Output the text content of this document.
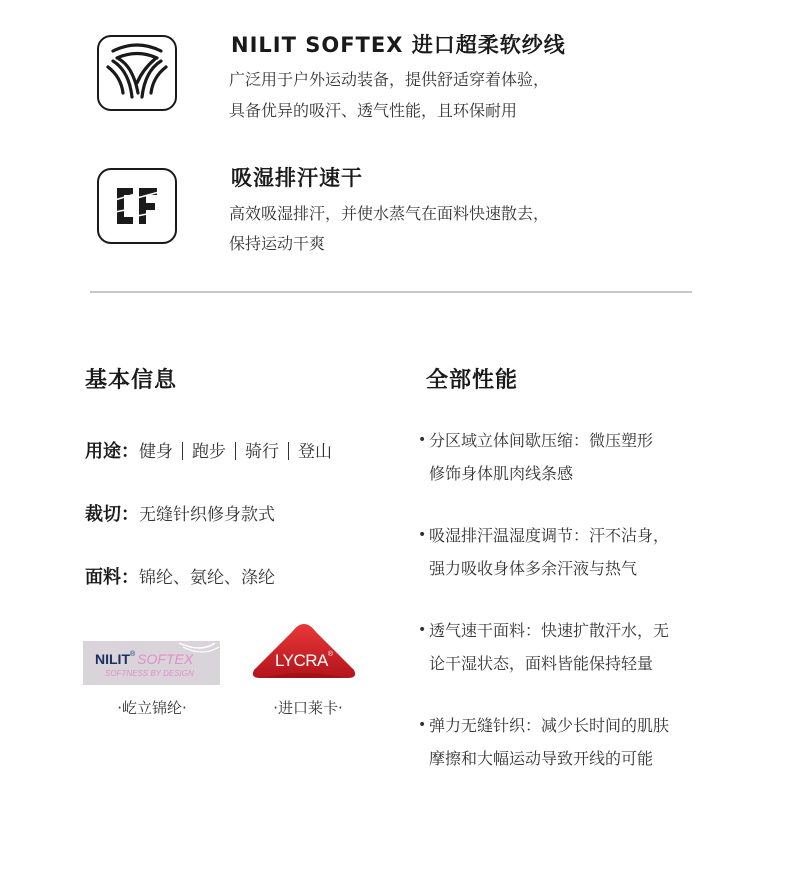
NILIT SOFTEX 进口超柔软纱线
广泛用于户外运动装备，提供舒适穿着体验，
具备优异的吸汗、透气性能，且环保耐用
吸湿排汗速干
高效吸湿排汗，并使水蒸气在面料快速散去，
保持运动干爽
基本信息
用途：健身 跑步 骑行 登山
裁切：无缝针织修身款式
面料：锦纶、氨纶、涤纶
NILIT® SOFTEX
SOFTNESS BY DESIGN
·屹立锦纶·
LYCRA®
·进口莱卡·
全部性能
• 分区域立体间歇压缩：微压塑形
修饰身体肌肉线条感
• 吸湿排汗温湿度调节：汗不沾身，
强力吸收身体多余汗液与热气
• 透气速干面料：快速扩散汗水，无
论干湿状态，面料皆能保持轻量
• 弹力无缝针织：减少长时间的肌肤
摩擦和大幅运动导致开线的可能
